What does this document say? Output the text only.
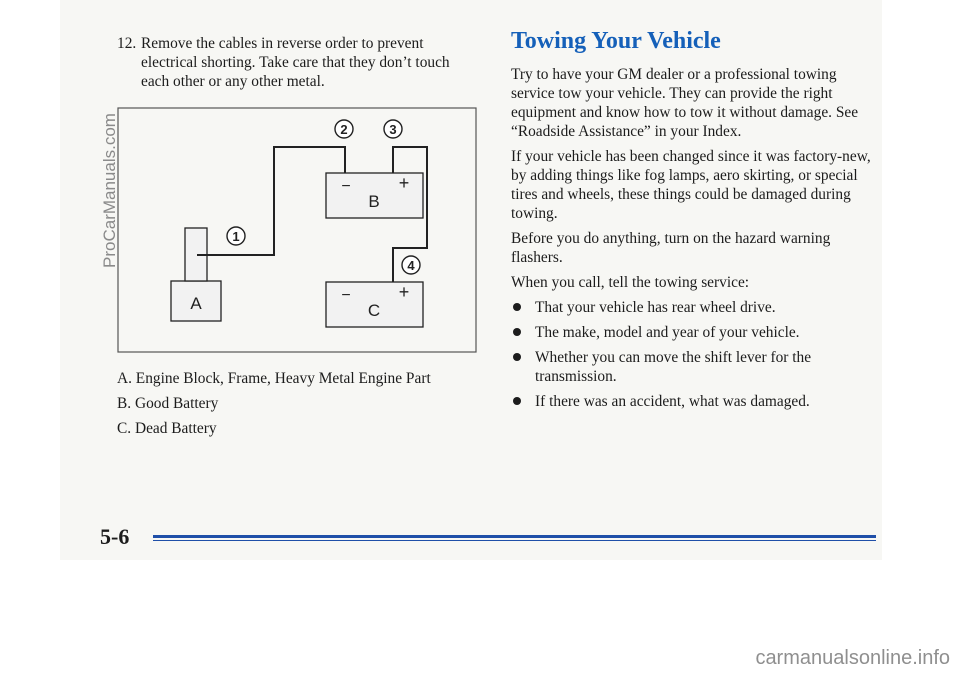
ProCarManuals.com
12. Remove the cables in reverse order to prevent electrical shorting. Take care that they don’t touch each other or any other metal.
1
2	3
4
A
B
C
−	+
−	+
A. Engine Block, Frame, Heavy Metal Engine Part
B. Good Battery
C. Dead Battery
Towing Your Vehicle

Try to have your GM dealer or a professional towing service tow your vehicle. They can provide the right equipment and know how to tow it without damage. See “Roadside Assistance” in your Index.

If your vehicle has been changed since it was factory-new, by adding things like fog lamps, aero skirting, or special tires and wheels, these things could be damaged during towing.

Before you do anything, turn on the hazard warning flashers.

When you call, tell the towing service:

That your vehicle has rear wheel drive.
The make, model and year of your vehicle.
Whether you can move the shift lever for the transmission.
If there was an accident, what was damaged.
5-6
carmanualsonline.info
